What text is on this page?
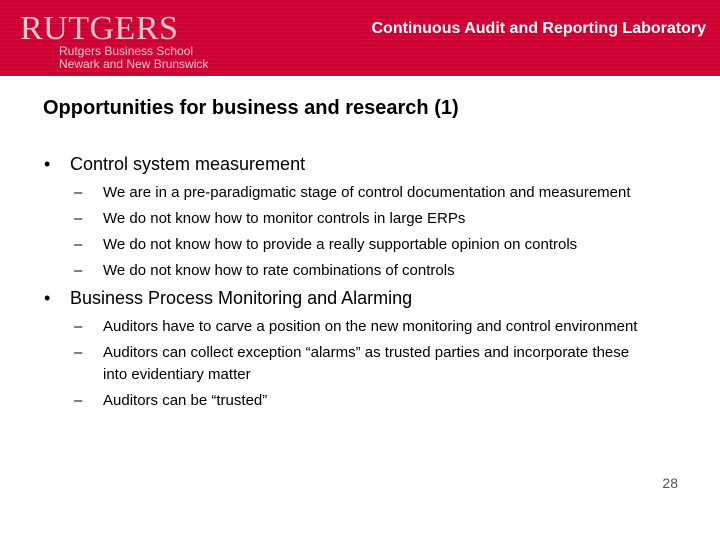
RUTGERS
Rutgers Business School
Newark and New Brunswick
Continuous Audit and Reporting Laboratory
Opportunities for business and research (1)
• Control system measurement
– We are in a pre-paradigmatic stage of control documentation and measurement
– We do not know how to monitor controls in large ERPs
– We do not know how to provide a really supportable opinion on controls
– We do not know how to rate combinations of controls
• Business Process Monitoring and Alarming
– Auditors have to carve a position on the new monitoring and control environment
– Auditors can collect exception “alarms” as trusted parties and incorporate these into evidentiary matter
– Auditors can be “trusted”
28
